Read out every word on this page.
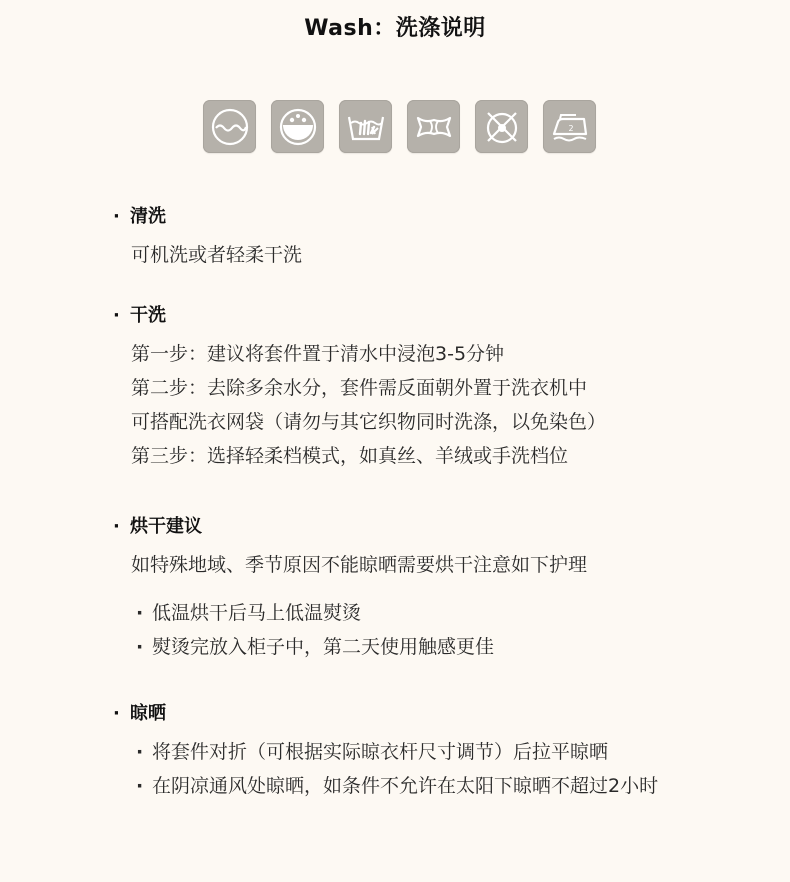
Wash：洗涤说明
2
· 清洗
可机洗或者轻柔干洗
· 干洗
第一步：建议将套件置于清水中浸泡3-5分钟
第二步：去除多余水分，套件需反面朝外置于洗衣机中
可搭配洗衣网袋（请勿与其它织物同时洗涤，以免染色）
第三步：选择轻柔档模式，如真丝、羊绒或手洗档位
· 烘干建议
如特殊地域、季节原因不能晾晒需要烘干注意如下护理
· 低温烘干后马上低温熨烫
· 熨烫完放入柜子中，第二天使用触感更佳
· 晾晒
· 将套件对折（可根据实际晾衣杆尺寸调节）后拉平晾晒
· 在阴凉通风处晾晒，如条件不允许在太阳下晾晒不超过2小时
